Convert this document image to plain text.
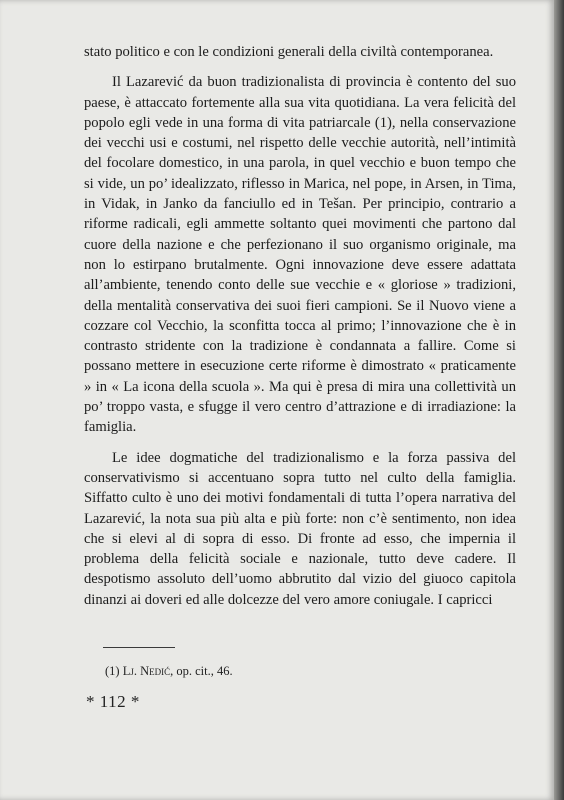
stato politico e con le condizioni generali della civiltà contemporanea.

Il Lazarević da buon tradizionalista di provincia è contento del suo paese, è attaccato fortemente alla sua vita quotidiana. La vera felicità del popolo egli vede in una forma di vita patriarcale (1), nella conservazione dei vecchi usi e costumi, nel rispetto delle vecchie autorità, nell’intimità del focolare domestico, in una parola, in quel vecchio e buon tempo che si vide, un po’ idealizzato, riflesso in Marica, nel pope, in Arsen, in Tima, in Vidak, in Janko da fanciullo ed in Tešan. Per principio, contrario a riforme radicali, egli ammette soltanto quei movimenti che partono dal cuore della nazione e che perfezionano il suo organismo originale, ma non lo estirpano brutalmente. Ogni innovazione deve essere adattata all’ambiente, tenendo conto delle sue vecchie e « gloriose » tradizioni, della mentalità conservativa dei suoi fieri campioni. Se il Nuovo viene a cozzare col Vecchio, la sconfitta tocca al primo; l’innovazione che è in contrasto stridente con la tradizione è condannata a fallire. Come si possano mettere in esecuzione certe riforme è dimostrato « praticamente » in « La icona della scuola ». Ma qui è presa di mira una collettività un po’ troppo vasta, e sfugge il vero centro d’attrazione e di irradiazione: la famiglia.

Le idee dogmatiche del tradizionalismo e la forza passiva del conservativismo si accentuano sopra tutto nel culto della famiglia. Siffatto culto è uno dei motivi fondamentali di tutta l’opera narrativa del Lazarević, la nota sua più alta e più forte: non c’è sentimento, non idea che si elevi al di sopra di esso. Di fronte ad esso, che impernia il problema della felicità sociale e nazionale, tutto deve cadere. Il despotismo assoluto dell’uomo abbrutito dal vizio del giuoco capitola dinanzi ai doveri ed alle dolcezze del vero amore coniugale. I capricci

(1) Lj. Nedić, op. cit., 46.
* 112 *
